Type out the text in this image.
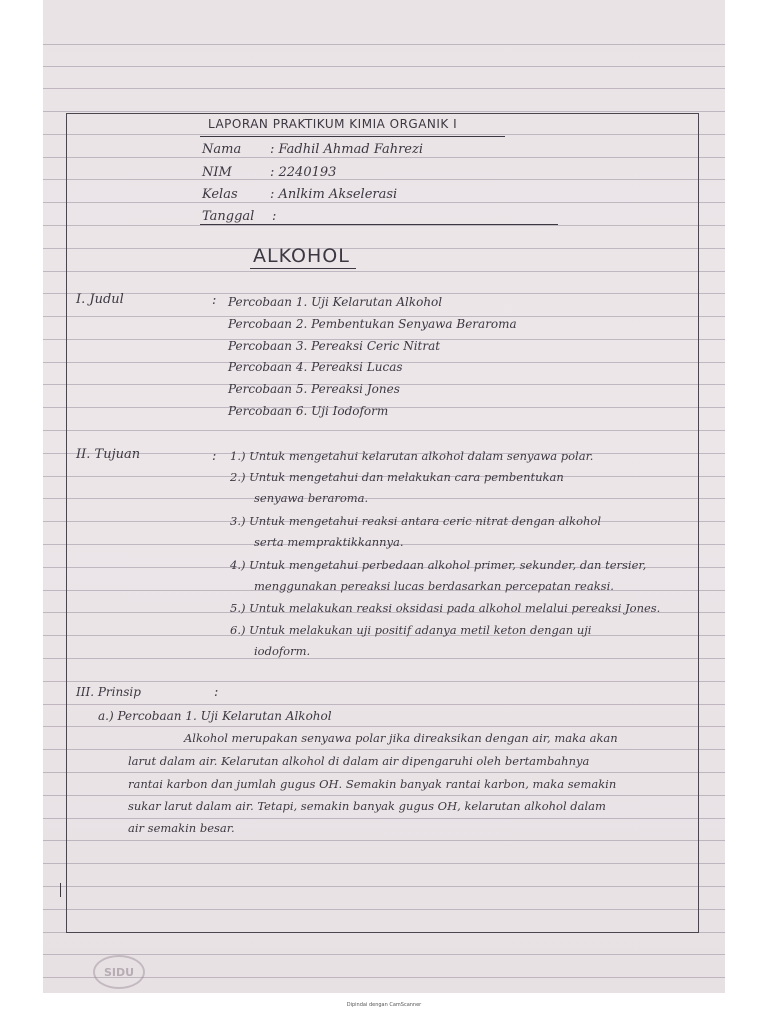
SIDU
LAPORAN PRAKTIKUM KIMIA ORGANIK I
Nama : Fadhil Ahmad Fahrezi
NIM	: 2240193
Kelas : Anlkim Akselerasi
Tanggal :
ALKOHOL
I. Judul	: Percobaan 1. Uji Kelarutan Alkohol
Percobaan 2. Pembentukan Senyawa Beraroma
Percobaan 3. Pereaksi Ceric Nitrat
Percobaan 4. Pereaksi Lucas
Percobaan 5. Pereaksi Jones
Percobaan 6. Uji Iodoform
II. Tujuan	: 1.) Untuk mengetahui kelarutan alkohol dalam senyawa polar.
2.) Untuk mengetahui dan melakukan cara pembentukan
senyawa beraroma.
3.) Untuk mengetahui reaksi antara ceric nitrat dengan alkohol
serta mempraktikkannya.
4.) Untuk mengetahui perbedaan alkohol primer, sekunder, dan tersier,
menggunakan pereaksi lucas berdasarkan percepatan reaksi.
5.) Untuk melakukan reaksi oksidasi pada alkohol melalui pereaksi Jones.
6.) Untuk melakukan uji positif adanya metil keton dengan uji
iodoform.
III. Prinsip	:
a.) Percobaan 1. Uji Kelarutan Alkohol
Alkohol merupakan senyawa polar jika direaksikan dengan air, maka akan
larut dalam air. Kelarutan alkohol di dalam air dipengaruhi oleh bertambahnya
rantai karbon dan jumlah gugus OH. Semakin banyak rantai karbon, maka semakin
sukar larut dalam air. Tetapi, semakin banyak gugus OH, kelarutan alkohol dalam
air semakin besar.
Dipindai dengan CamScanner
